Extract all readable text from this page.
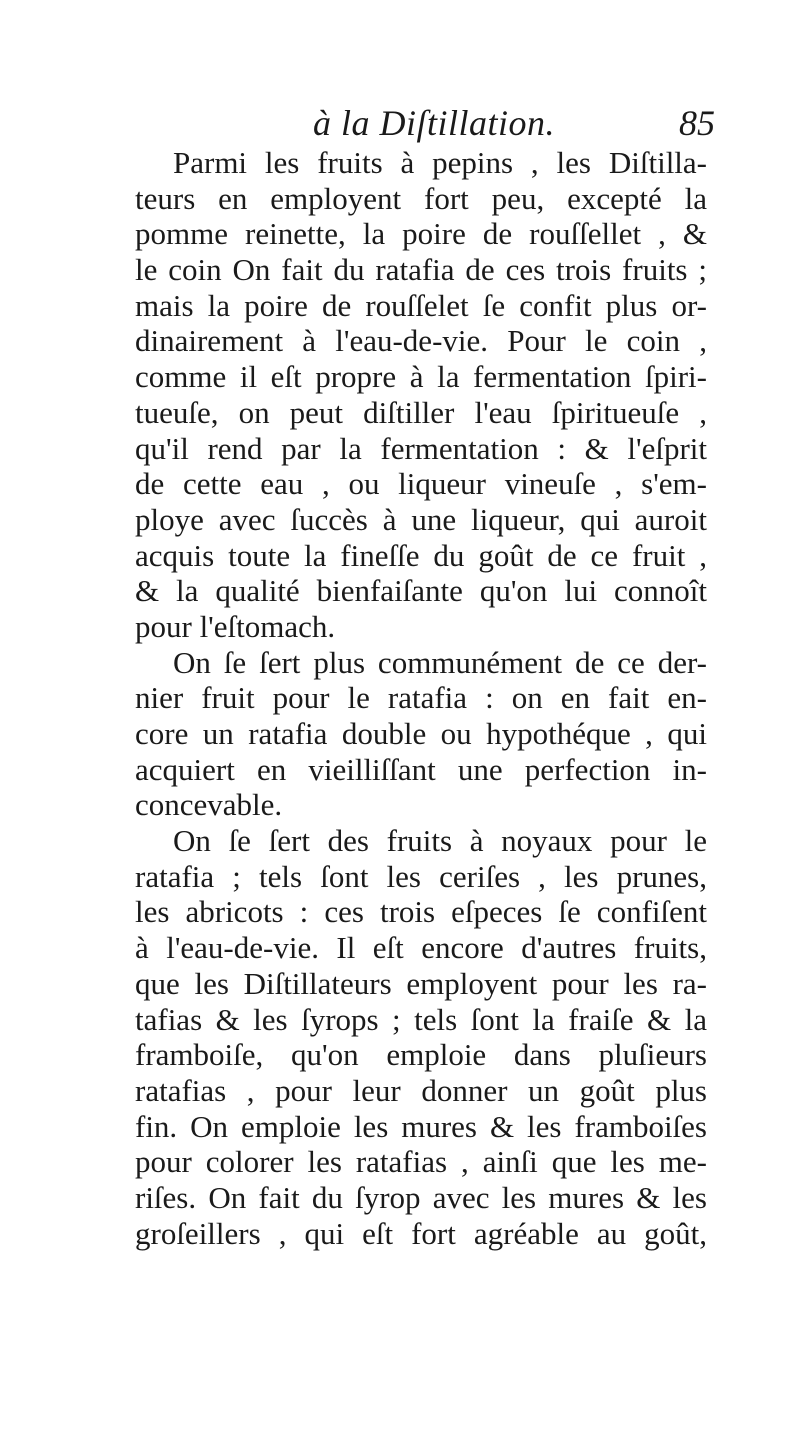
à la Diſtillation.	85
Parmi les fruits à pepins , les Diſtilla-
teurs en employent fort peu, excepté la
pomme reinette, la poire de rouſſellet , &
le coin On fait du ratafia de ces trois fruits ;
mais la poire de rouſſelet ſe confit plus or-
dinairement à l'eau-de-vie. Pour le coin ,
comme il eſt propre à la fermentation ſpiri-
tueuſe, on peut diſtiller l'eau ſpiritueuſe ,
qu'il rend par la fermentation : & l'eſprit
de cette eau , ou liqueur vineuſe , s'em-
ploye avec ſuccès à une liqueur, qui auroit
acquis toute la fineſſe du goût de ce fruit ,
& la qualité bienfaiſante qu'on lui connoît
pour l'eſtomach.
On ſe ſert plus communément de ce der-
nier fruit pour le ratafia : on en fait en-
core un ratafia double ou hypothéque , qui
acquiert en vieilliſſant une perfection in-
concevable.
On ſe ſert des fruits à noyaux pour le
ratafia ; tels ſont les ceriſes , les prunes,
les abricots : ces trois eſpeces ſe confiſent
à l'eau-de-vie. Il eſt encore d'autres fruits,
que les Diſtillateurs employent pour les ra-
tafias & les ſyrops ; tels ſont la fraiſe & la
framboiſe, qu'on emploie dans pluſieurs
ratafias , pour leur donner un goût plus
fin. On emploie les mures & les framboiſes
pour colorer les ratafias , ainſi que les me-
riſes. On fait du ſyrop avec les mures & les
groſeillers , qui eſt fort agréable au goût,
